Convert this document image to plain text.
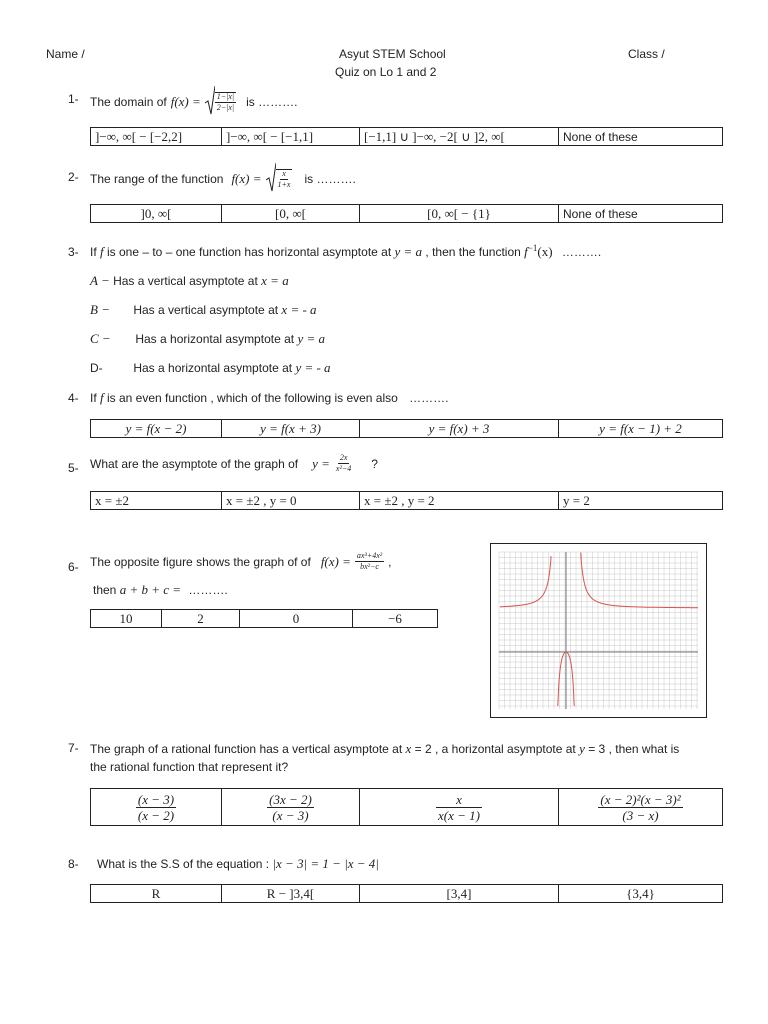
Name /	Asyut STEM School
Quiz on Lo 1 and 2
Class /
1- The domain of $f(x) = \frac{1-|x|}{2-|x|}$ is ……….
]−∞, ∞[ − [−2,2]	]−∞, ∞[ − [−1,1]	[−1,1] ∪ ]−∞, −2[ ∪ ]2, ∞[	None of these
2- The range of the function $f(x) = \frac{x}{1+x}$ is ……….
]0, ∞[	[0, ∞[	[0, ∞[ − {1}	None of these
3- If f is one – to – one function has horizontal asymptote at y = a , then the function $f^{-1}(x)$ ……….
A − Has a vertical asymptote at x = a
B − Has a vertical asymptote at x = - a
C − Has a horizontal asymptote at y = a
D-	Has a horizontal asymptote at y = - a
4- If f is an even function , which of the following is even also ……….
y = f(x − 2)	y = f(x + 3)	y = f(x) + 3	y = f(x − 1) + 2
5- What are the asymptote of the graph of $y = \frac{2x}{\text{x²−4}}$ ?
x = ±2	x = ±2 , y = 0	x = ±2 , y = 2	y = 2
6- The opposite figure shows the graph of of $f(x) = \frac{\text{ax³+4x²}}{\text{bx²−c}}$ ,
then a + b + c = ……….
10	2	0	−6
7- The graph of a rational function has a vertical asymptote at x = 2 , a horizontal asymptote at y = 3 , then what is
the rational function that represent it?
$\frac{(x - 3)}{(x - 2)}$	$\frac{(3x - 2)}{(x - 3)}$	$\frac{x}{x(x - 1)}$	$\frac{\text{(x − 2)²(x − 3)²}}{(3 - x)}$
8- What is the S.S of the equation : |x − 3| = 1 − |x − 4|
R	R − ]3,4[	[3,4]	{3,4}
